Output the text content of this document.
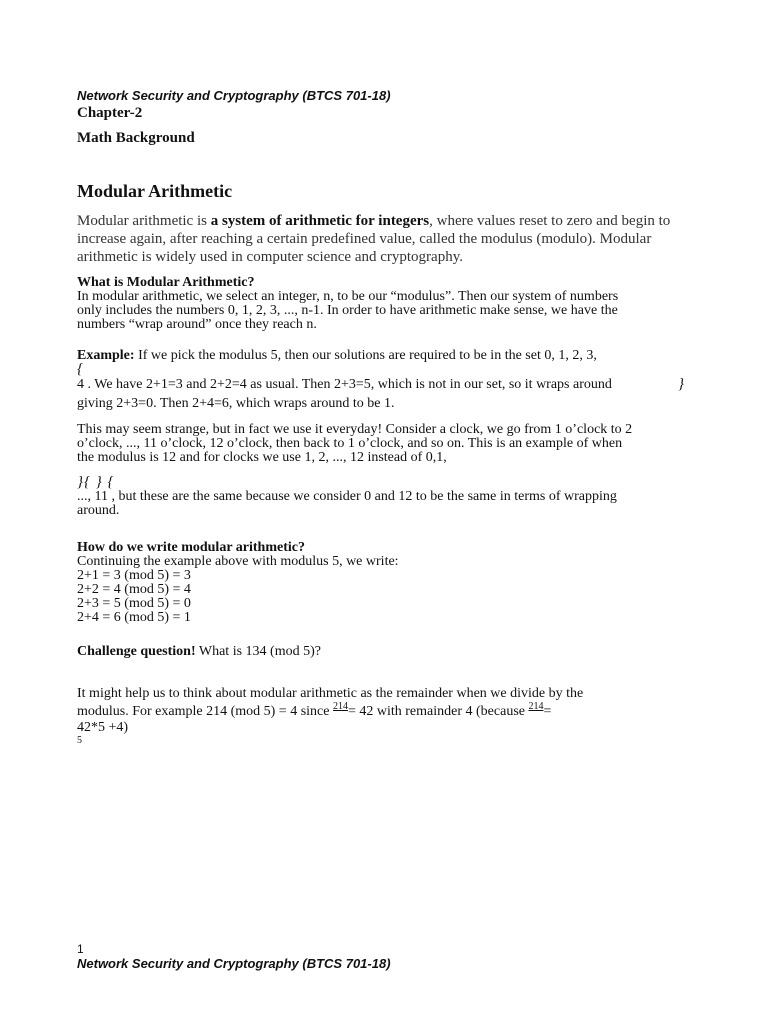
Network Security and Cryptography (BTCS 701-18)
Chapter-2
Math Background
Modular Arithmetic
Modular arithmetic is a system of arithmetic for integers, where values reset to zero and begin to
increase again, after reaching a certain predefined value, called the modulus (modulo). Modular
arithmetic is widely used in computer science and cryptography.
What is Modular Arithmetic?
In modular arithmetic, we select an integer, n, to be our “modulus”. Then our system of numbers
only includes the numbers 0, 1, 2, 3, ..., n-1. In order to have arithmetic make sense, we have the
numbers “wrap around” once they reach n.
Example: If we pick the modulus 5, then our solutions are required to be in the set 0, 1, 2, 3,
{
4 . We have 2+1=3 and 2+2=4 as usual. Then 2+3=5, which is not in our set, so it wraps around	}
giving 2+3=0. Then 2+4=6, which wraps around to be 1.
This may seem strange, but in fact we use it everyday! Consider a clock, we go from 1 o’clock to 2
o’clock, ..., 11 o’clock, 12 o’clock, then back to 1 o’clock, and so on. This is an example of when
the modulus is 12 and for clocks we use 1, 2, ..., 12 instead of 0,1,
}{ } {
..., 11 , but these are the same because we consider 0 and 12 to be the same in terms of wrapping
around.
How do we write modular arithmetic?
Continuing the example above with modulus 5, we write:
2+1 = 3 (mod 5) = 3
2+2 = 4 (mod 5) = 4
2+3 = 5 (mod 5) = 0
2+4 = 6 (mod 5) = 1
Challenge question! What is 134 (mod 5)?
It might help us to think about modular arithmetic as the remainder when we divide by the
modulus. For example 214 (mod 5) = 4 since $^{214}$= 42 with remainder 4 (because $^{214}$=
42*5 +4)
5
1
Network Security and Cryptography (BTCS 701-18)
